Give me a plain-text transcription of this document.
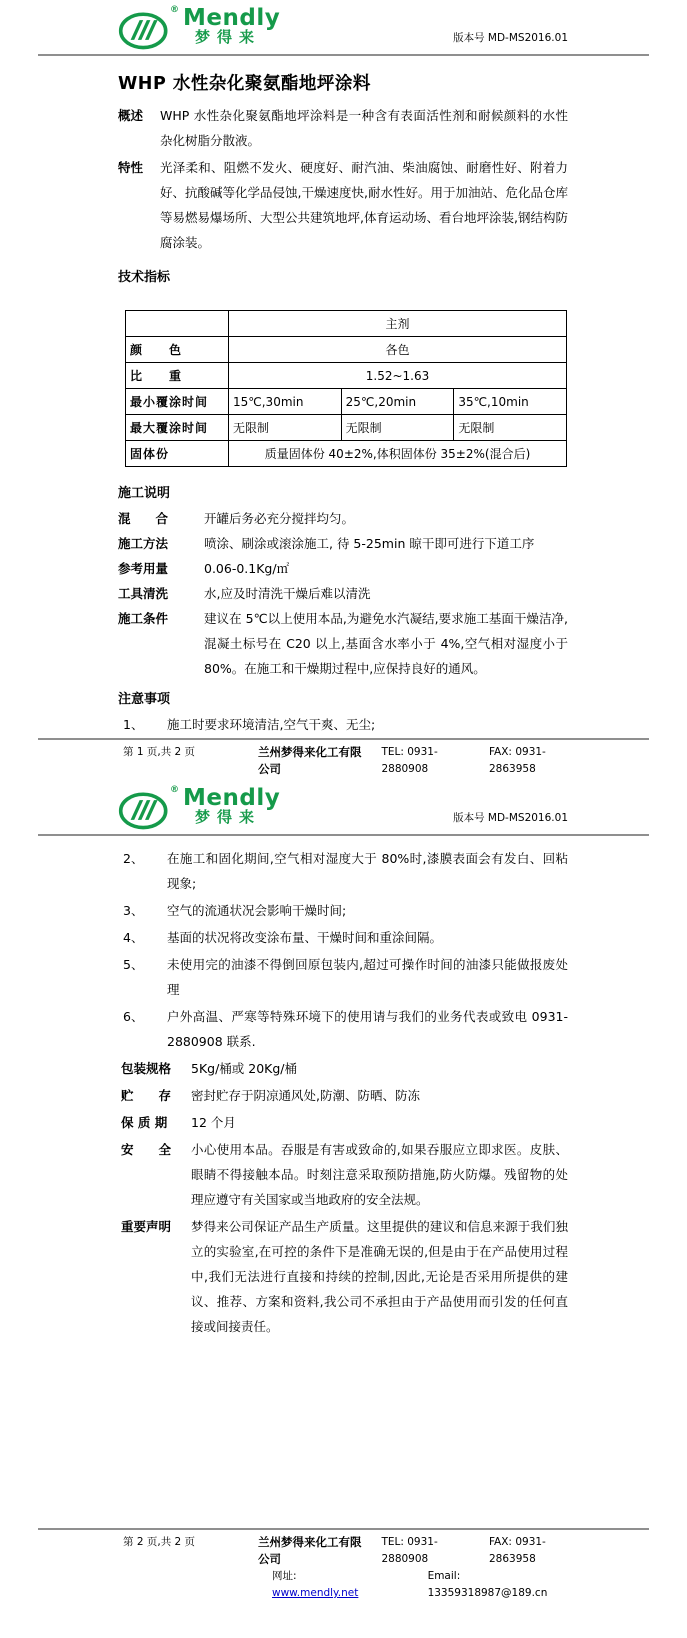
® Mendly
梦得来	版本号 MD-MS2016.01
WHP 水性杂化聚氨酯地坪涂料
概述	WHP 水性杂化聚氨酯地坪涂料是一种含有表面活性剂和耐候颜料的水性杂化树脂分散液。
特性	光泽柔和、阻燃不发火、硬度好、耐汽油、柴油腐蚀、耐磨性好、附着力好、抗酸碱等化学品侵蚀,干燥速度快,耐水性好。用于加油站、危化品仓库等易燃易爆场所、大型公共建筑地坪,体育运动场、看台地坪涂装,钢结构防腐涂装。
技术指标
	主剂		
颜　　色	各色		
比　　重	1.52~1.63		
最小覆涂时间	15℃,30min	25℃,20min	35℃,10min
最大覆涂时间	无限制	无限制	无限制
固体份	质量固体份 40±2%,体积固体份 35±2%(混合后)		
施工说明
混　　合	开罐后务必充分搅拌均匀。
施工方法	喷涂、刷涂或滚涂施工, 待 5-25min 晾干即可进行下道工序
参考用量	0.06-0.1Kg/㎡
工具清洗	水,应及时清洗干燥后难以清洗
施工条件	建议在 5℃以上使用本品,为避免水汽凝结,要求施工基面干燥洁净, 混凝土标号在 C20 以上,基面含水率小于 4%,空气相对湿度小于 80%。在施工和干燥期过程中,应保持良好的通风。
注意事项
1、	施工时要求环境清洁,空气干爽、无尘;
第 1 页,共 2 页	兰州梦得来化工有限公司
TEL: 0931-2880908
FAX: 0931-2863958
® Mendly
梦得来	版本号 MD-MS2016.01
2、	在施工和固化期间,空气相对湿度大于 80%时,漆膜表面会有发白、回粘现象;
3、	空气的流通状况会影响干燥时间;
4、	基面的状况将改变涂布量、干燥时间和重涂间隔。
5、	未使用完的油漆不得倒回原包装内,超过可操作时间的油漆只能做报废处理
6、	户外高温、严寒等特殊环境下的使用请与我们的业务代表或致电 0931-2880908 联系.
包装规格	5Kg/桶或 20Kg/桶
贮　　存	密封贮存于阴凉通风处,防潮、防晒、防冻
保 质 期	12 个月
安　　全	小心使用本品。吞服是有害或致命的,如果吞服应立即求医。皮肤、眼睛不得接触本品。时刻注意采取预防措施,防火防爆。残留物的处理应遵守有关国家或当地政府的安全法规。
重要声明	梦得来公司保证产品生产质量。这里提供的建议和信息来源于我们独立的实验室,在可控的条件下是准确无误的,但是由于在产品使用过程中,我们无法进行直接和持续的控制,因此,无论是否采用所提供的建议、推荐、方案和资料,我公司不承担由于产品使用而引发的任何直接或间接责任。
第 2 页,共 2 页	兰州梦得来化工有限公司
TEL: 0931-2880908
FAX: 0931-2863958
网址: www.mendly.net
Email: 13359318987@189.cn
